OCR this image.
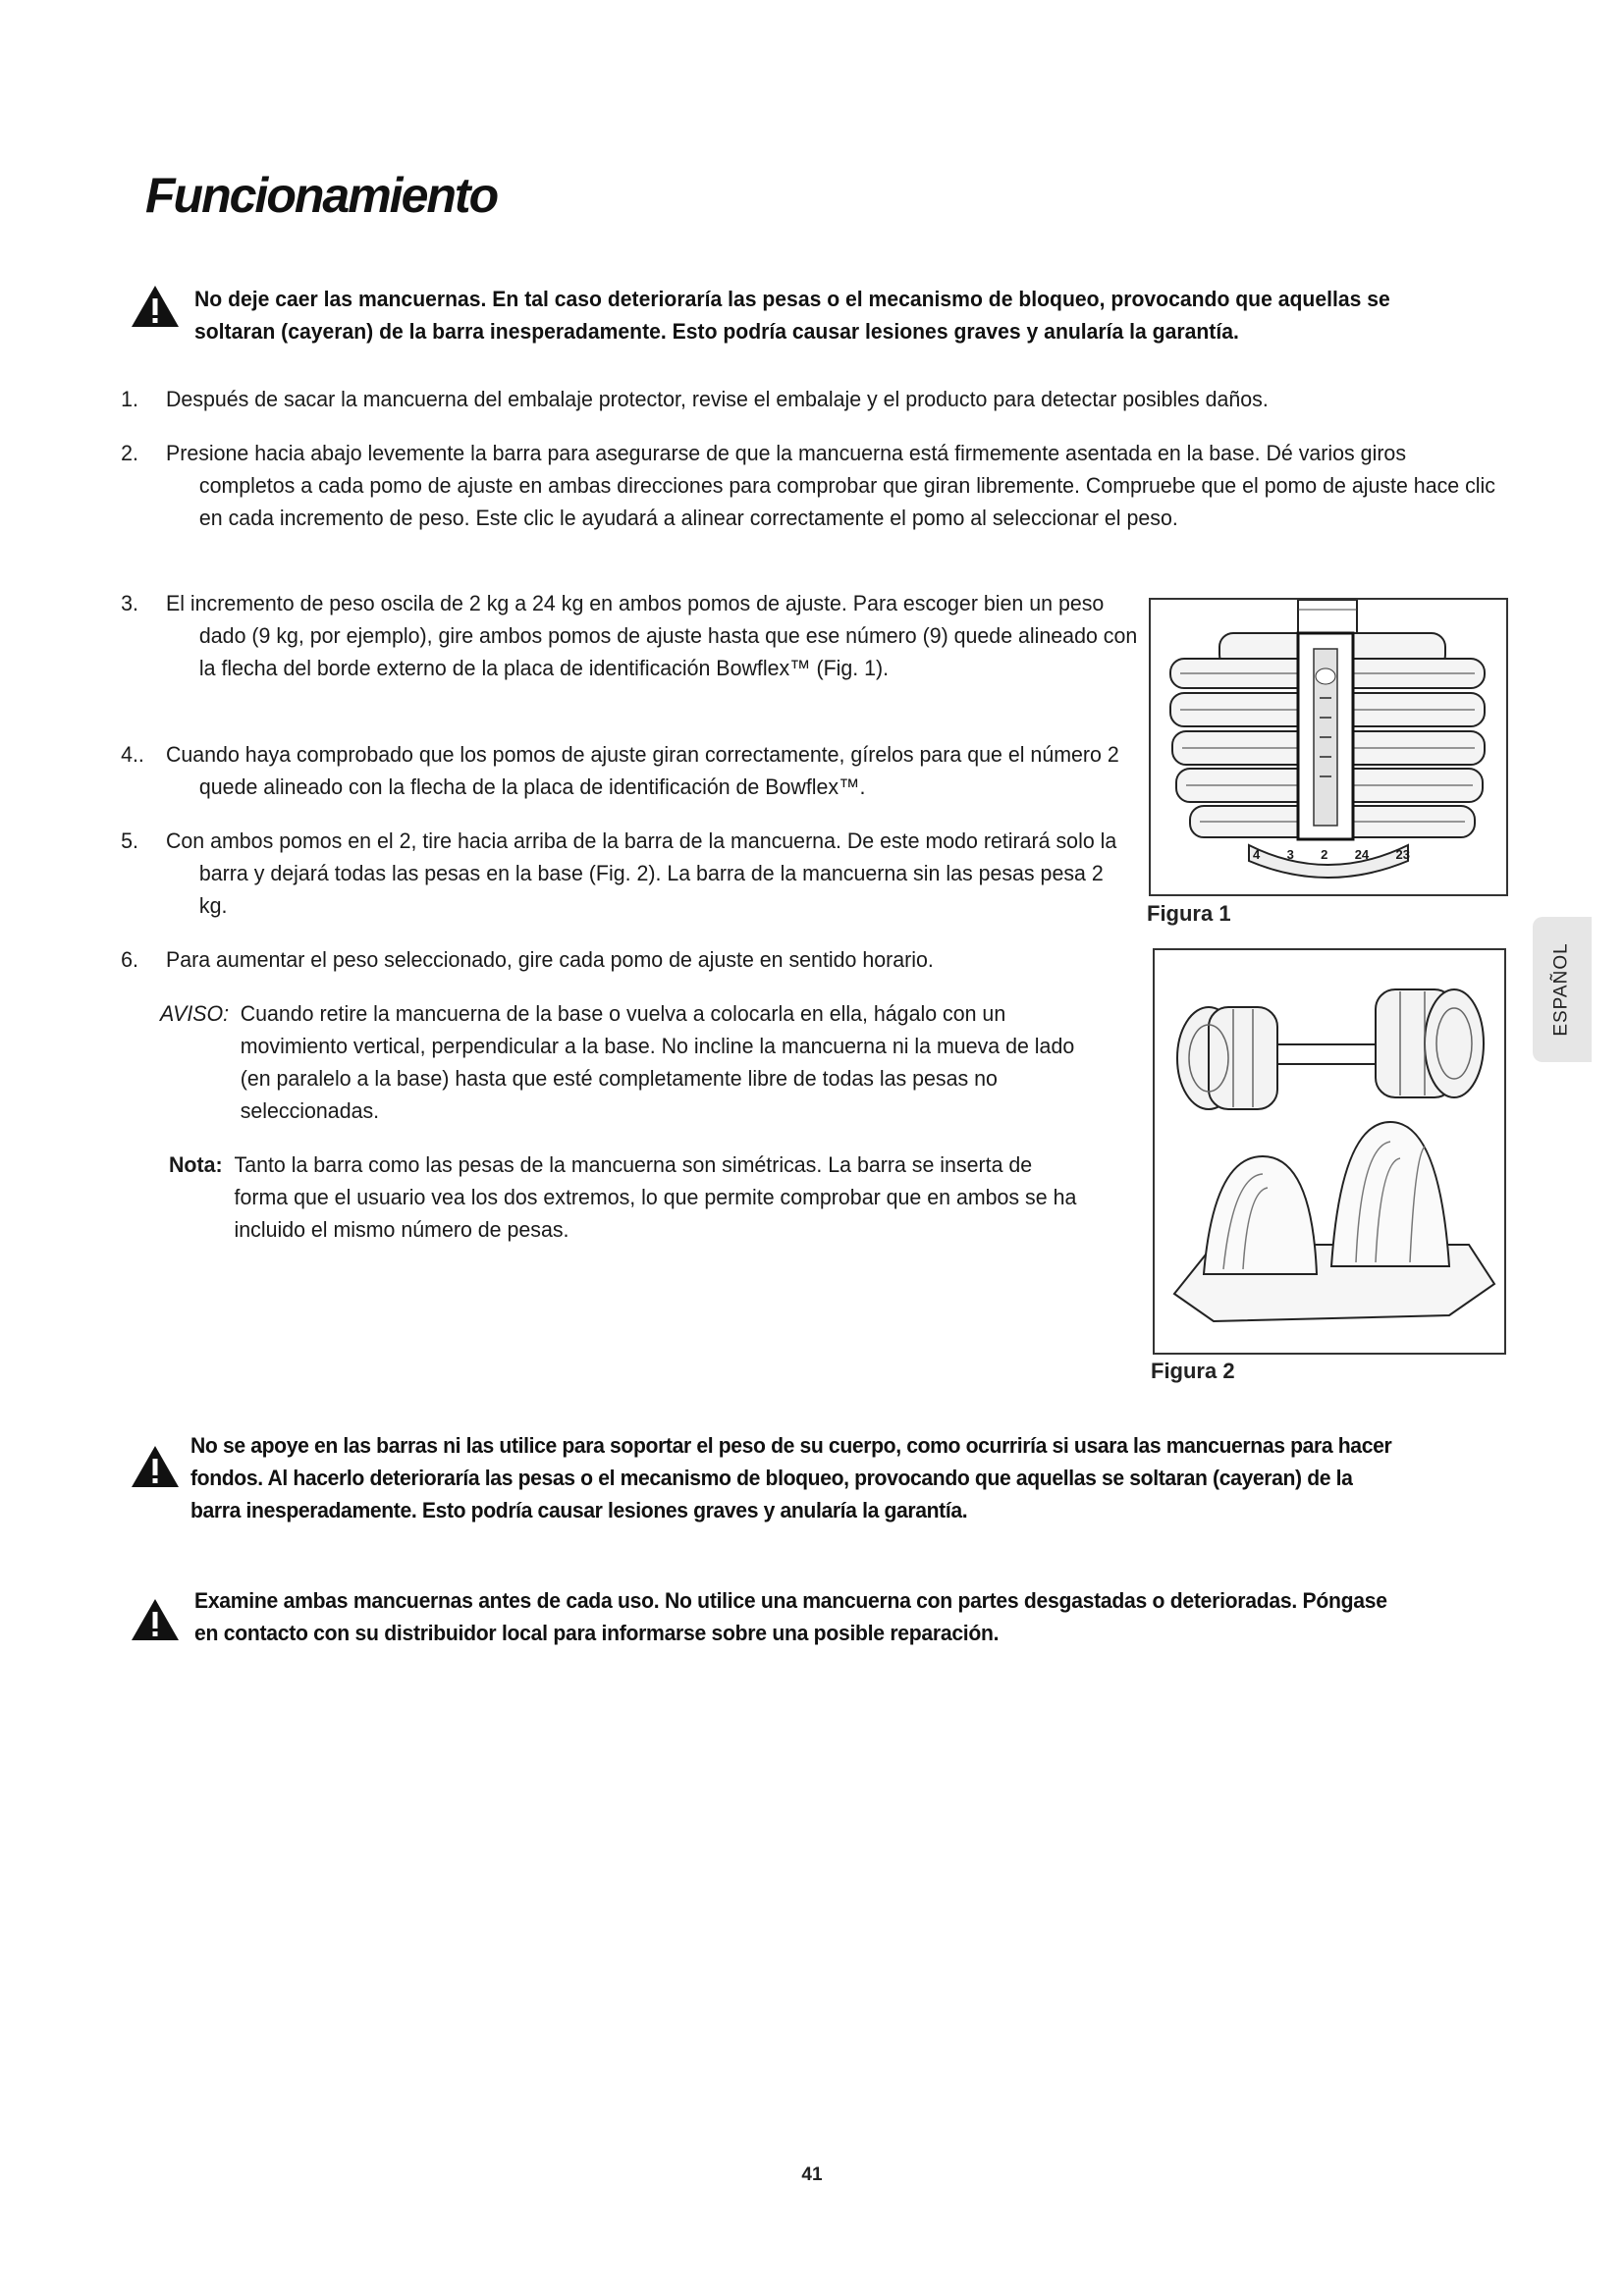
Funcionamiento
No deje caer las mancuernas. En tal caso deterioraría las pesas o el mecanismo de bloqueo, provocando que aquellas se soltaran (cayeran) de la barra inesperadamente. Esto podría causar lesiones graves y anularía la garantía.
1. Después de sacar la mancuerna del embalaje protector, revise el embalaje y el producto para detectar posibles daños.
2. Presione hacia abajo levemente la barra para asegurarse de que la mancuerna está firmemente asentada en la base. Dé varios giros completos a cada pomo de ajuste en ambas direcciones para comprobar que giran libremente. Compruebe que el pomo de ajuste hace clic en cada incremento de peso. Este clic le ayudará a alinear correctamente el pomo al seleccionar el peso.
3. El incremento de peso oscila de 2 kg a 24 kg en ambos pomos de ajuste. Para escoger bien un peso dado (9 kg, por ejemplo), gire ambos pomos de ajuste hasta que ese número (9) quede alineado con la flecha del borde externo de la placa de identificación Bowflex™ (Fig. 1).
4.. Cuando haya comprobado que los pomos de ajuste giran correctamente, gírelos para que el número 2 quede alineado con la flecha de la placa de identificación de Bowflex™.
5. Con ambos pomos en el 2, tire hacia arriba de la barra de la mancuerna. De este modo retirará solo la barra y dejará todas las pesas en la base (Fig. 2). La barra de la mancuerna sin las pesas pesa 2 kg.
6. Para aumentar el peso seleccionado, gire cada pomo de ajuste en sentido horario.
AVISO: Cuando retire la mancuerna de la base o vuelva a colocarla en ella, hágalo con un movimiento vertical, perpendicular a la base. No incline la mancuerna ni la mueva de lado (en paralelo a la base) hasta que esté completamente libre de todas las pesas no seleccionadas.
Nota: Tanto la barra como las pesas de la mancuerna son simétricas. La barra se inserta de forma que el usuario vea los dos extremos, lo que permite comprobar que en ambos se ha incluido el mismo número de pesas.
4 3 2 24 23
Figura 1
Figura 2
No se apoye en las barras ni las utilice para soportar el peso de su cuerpo, como ocurriría si usara las mancuernas para hacer fondos. Al hacerlo deterioraría las pesas o el mecanismo de bloqueo, provocando que aquellas se soltaran (cayeran) de la barra inesperadamente. Esto podría causar lesiones graves y anularía la garantía.
Examine ambas mancuernas antes de cada uso. No utilice una mancuerna con partes desgastadas o deterioradas. Póngase en contacto con su distribuidor local para informarse sobre una posible reparación.
ESPAÑOL
41
